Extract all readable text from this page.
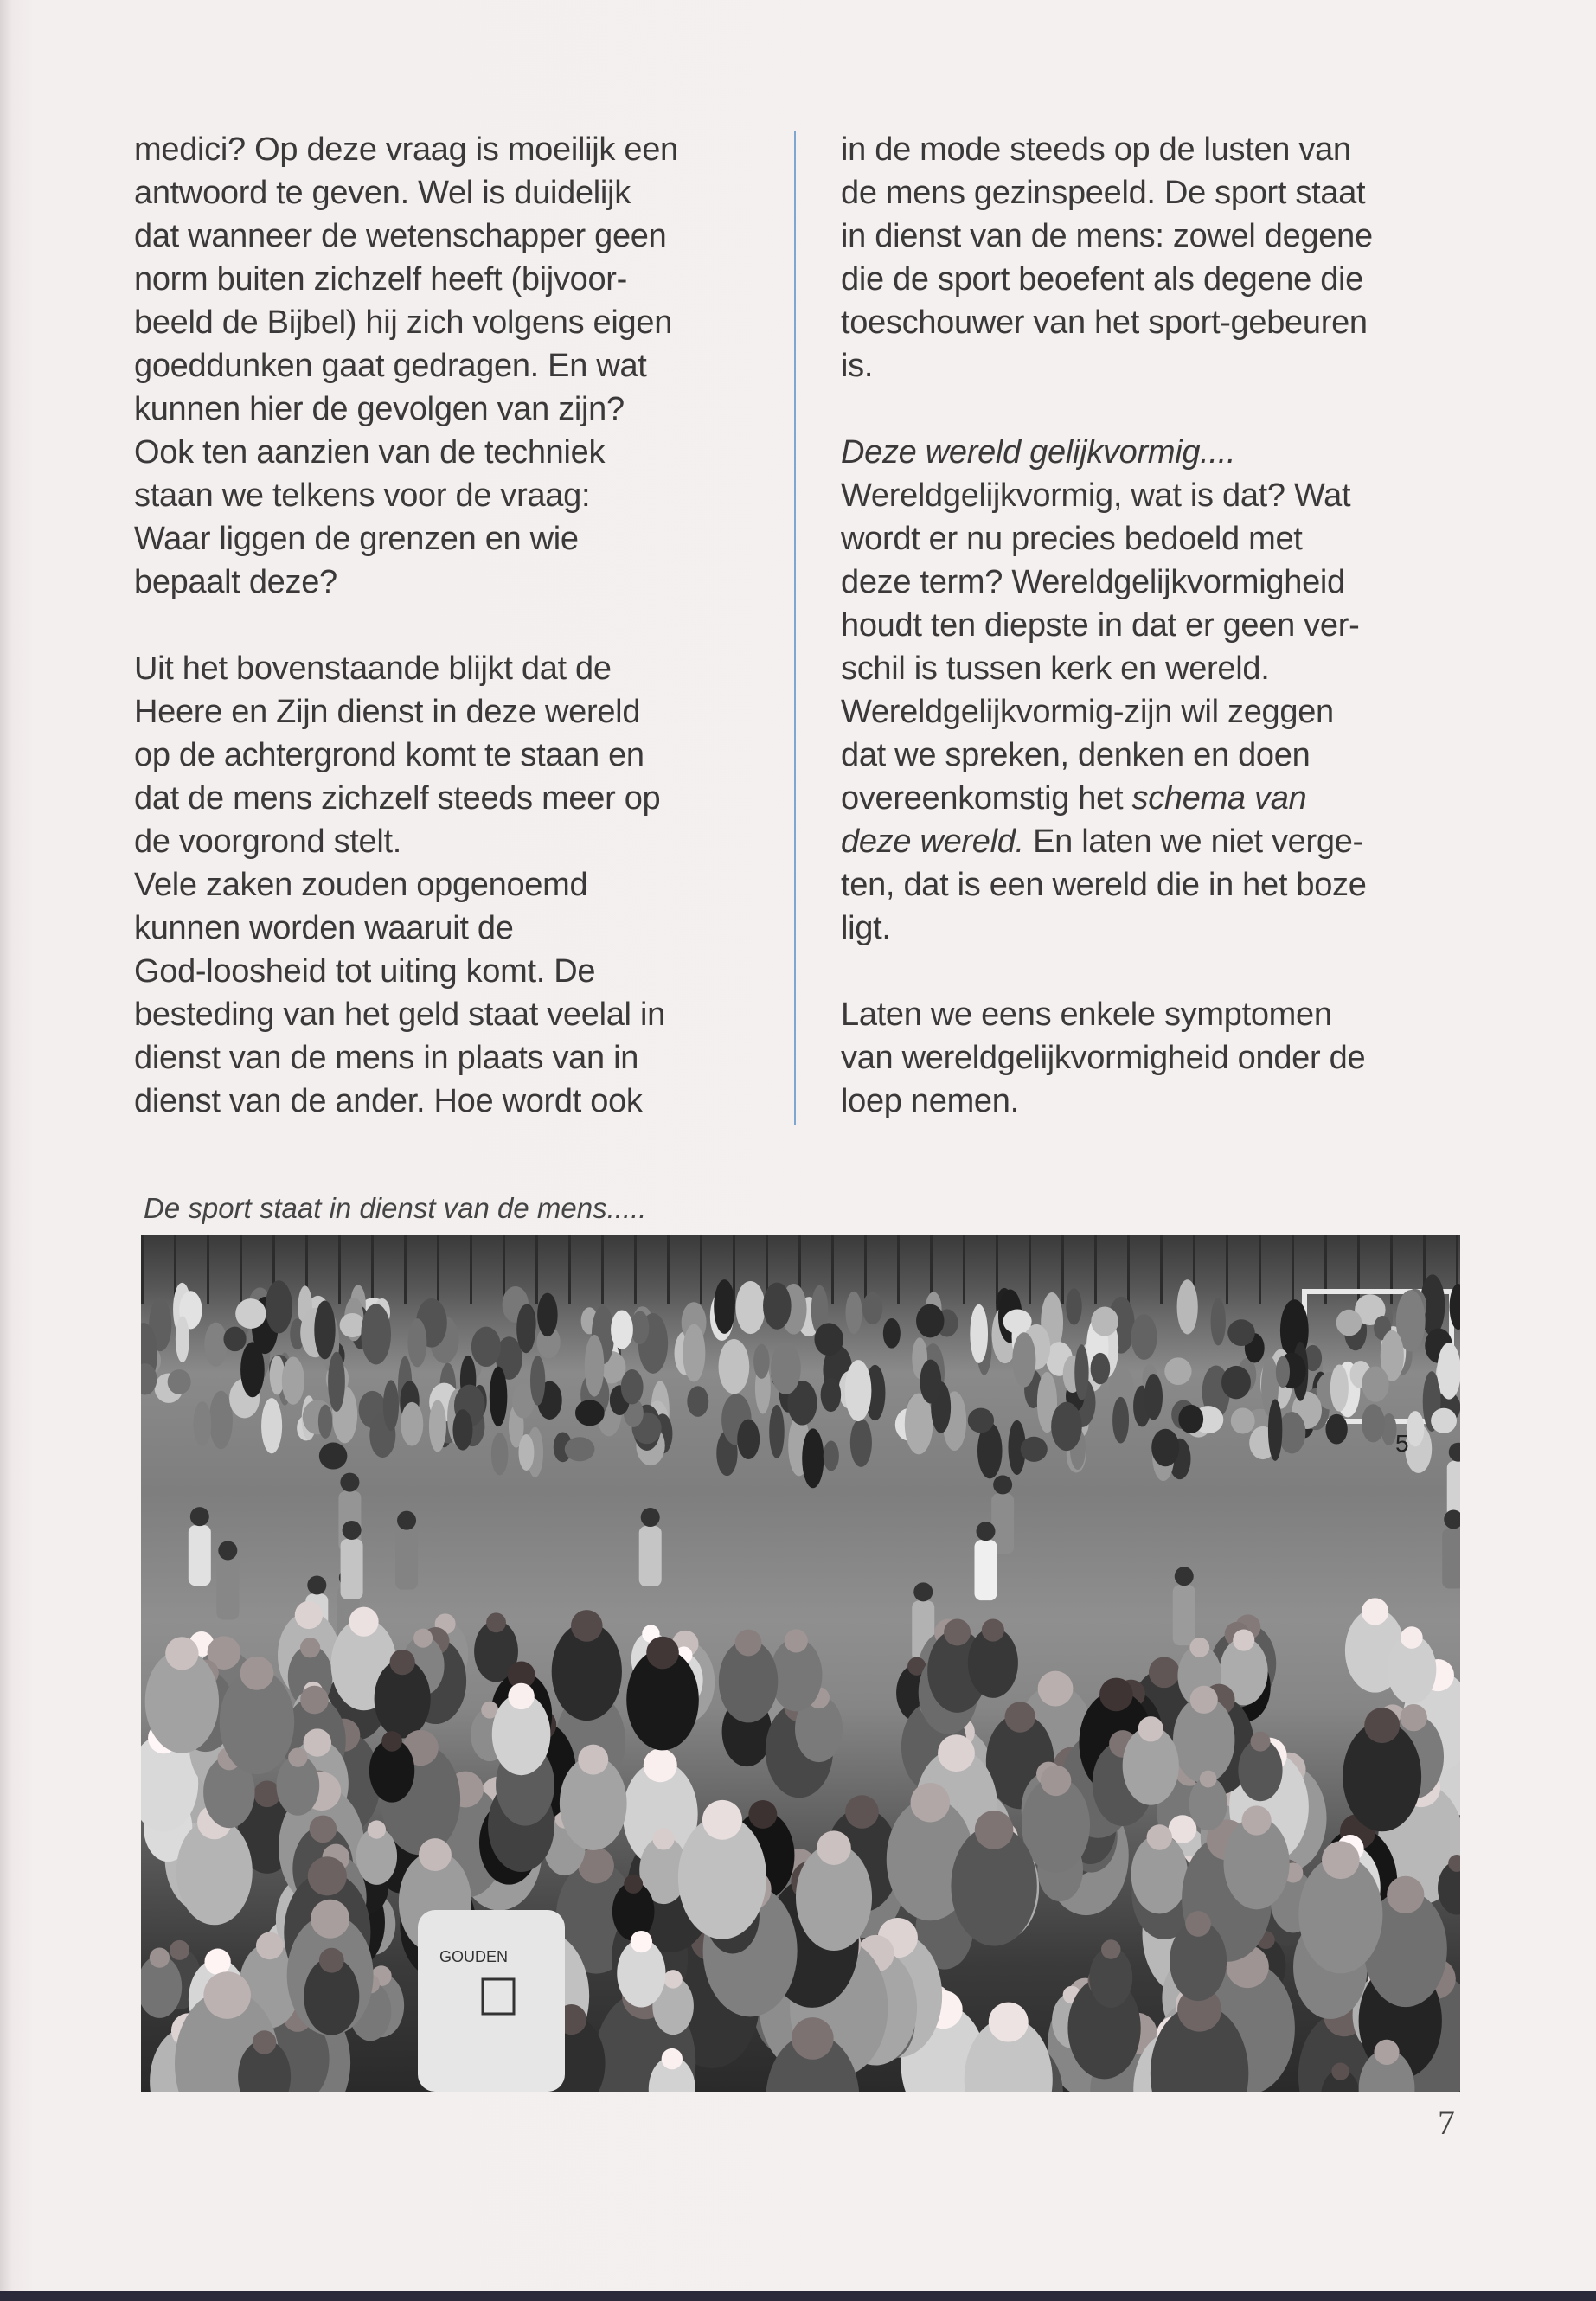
medici? Op deze vraag is moeilijk een
antwoord te geven. Wel is duidelijk
dat wanneer de wetenschapper geen
norm buiten zichzelf heeft (bijvoor-
beeld de Bijbel) hij zich volgens eigen
goeddunken gaat gedragen. En wat
kunnen hier de gevolgen van zijn?
Ook ten aanzien van de techniek
staan we telkens voor de vraag:
Waar liggen de grenzen en wie
bepaalt deze?
Uit het bovenstaande blijkt dat de
Heere en Zijn dienst in deze wereld
op de achtergrond komt te staan en
dat de mens zichzelf steeds meer op
de voorgrond stelt.
Vele zaken zouden opgenoemd
kunnen worden waaruit de
God-loosheid tot uiting komt. De
besteding van het geld staat veelal in
dienst van de mens in plaats van in
dienst van de ander. Hoe wordt ook
in de mode steeds op de lusten van
de mens gezinspeeld. De sport staat
in dienst van de mens: zowel degene
die de sport beoefent als degene die
toeschouwer van het sport-gebeuren
is.
Deze wereld gelijkvormig....
Wereldgelijkvormig, wat is dat? Wat
wordt er nu precies bedoeld met
deze term? Wereldgelijkvormigheid
houdt ten diepste in dat er geen ver-
schil is tussen kerk en wereld.
Wereldgelijkvormig-zijn wil zeggen
dat we spreken, denken en doen
overeenkomstig het schema van
deze wereld. En laten we niet verge-
ten, dat is een wereld die in het boze
ligt.
Laten we eens enkele symptomen
van wereldgelijkvormigheid onder de
loep nemen.
De sport staat in dienst van de mens.....
GOUDEN
5
7
